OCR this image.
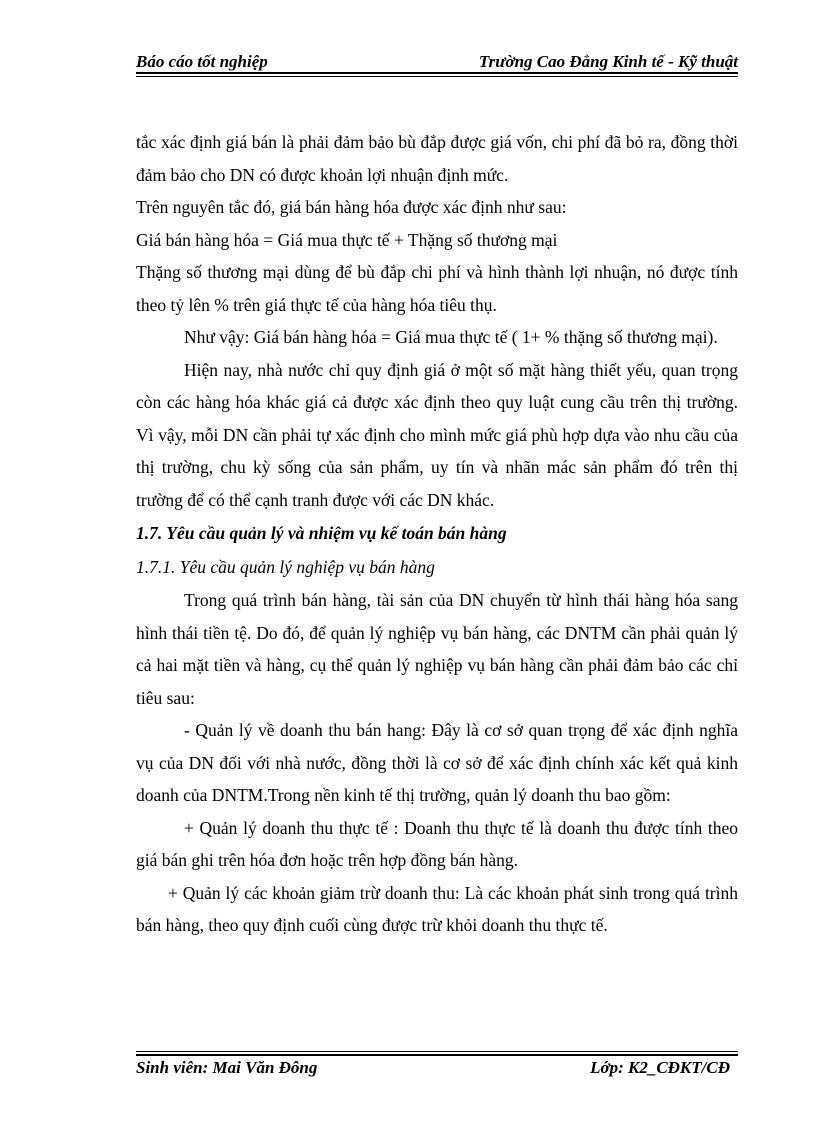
Báo cáo tốt nghiệp	Trường Cao Đẳng Kinh tế - Kỹ thuật

tắc xác định giá bán là phải đảm bảo bù đắp được giá vốn, chi phí đã bỏ ra, đồng thời đảm bảo cho DN có được khoản lợi nhuận định mức.

Trên nguyên tắc đó, giá bán hàng hóa được xác định như sau:

Giá bán hàng hóa = Giá mua thực tế + Thặng số thương mại

Thặng số thương mại dùng để bù đắp chi phí và hình thành lợi nhuận, nó được tính theo tỷ lên % trên giá thực tế của hàng hóa tiêu thụ.

Như vậy: Giá bán hàng hóa = Giá mua thực tế ( 1+ % thặng số thương mại).

Hiện nay, nhà nước chỉ quy định giá ở một số mặt hàng thiết yếu, quan trọng còn các hàng hóa khác giá cả được xác định theo quy luật cung cầu trên thị trường. Vì vậy, mỗi DN cần phải tự xác định cho mình mức giá phù hợp dựa vào nhu cầu của thị trường, chu kỳ sống của sản phẩm, uy tín và nhãn mác sản phẩm đó trên thị trường để có thể cạnh tranh được với các DN khác.

1.7. Yêu cầu quản lý và nhiệm vụ kế toán bán hàng

1.7.1. Yêu cầu quản lý nghiệp vụ bán hàng

Trong quá trình bán hàng, tài sản của DN chuyển từ hình thái hàng hóa sang hình thái tiền tệ. Do đó, để quản lý nghiệp vụ bán hàng, các DNTM cần phải quản lý cả hai mặt tiền và hàng, cụ thể quản lý nghiệp vụ bán hàng cần phải đảm bảo các chỉ tiêu sau:

- Quản lý về doanh thu bán hang: Đây là cơ sở quan trọng để xác định nghĩa vụ của DN đối với nhà nước, đồng thời là cơ sở để xác định chính xác kết quả kinh doanh của DNTM.Trong nền kinh tế thị trường, quản lý doanh thu bao gồm:

+ Quản lý doanh thu thực tế : Doanh thu thực tế là doanh thu được tính theo giá bán ghi trên hóa đơn hoặc trên hợp đồng bán hàng.

+ Quản lý các khoản giảm trừ doanh thu: Là các khoản phát sinh trong quá trình bán hàng, theo quy định cuối cùng được trừ khỏi doanh thu thực tế.

Sinh viên: Mai Văn Đông	Lớp: K2_CĐKT/CĐ
